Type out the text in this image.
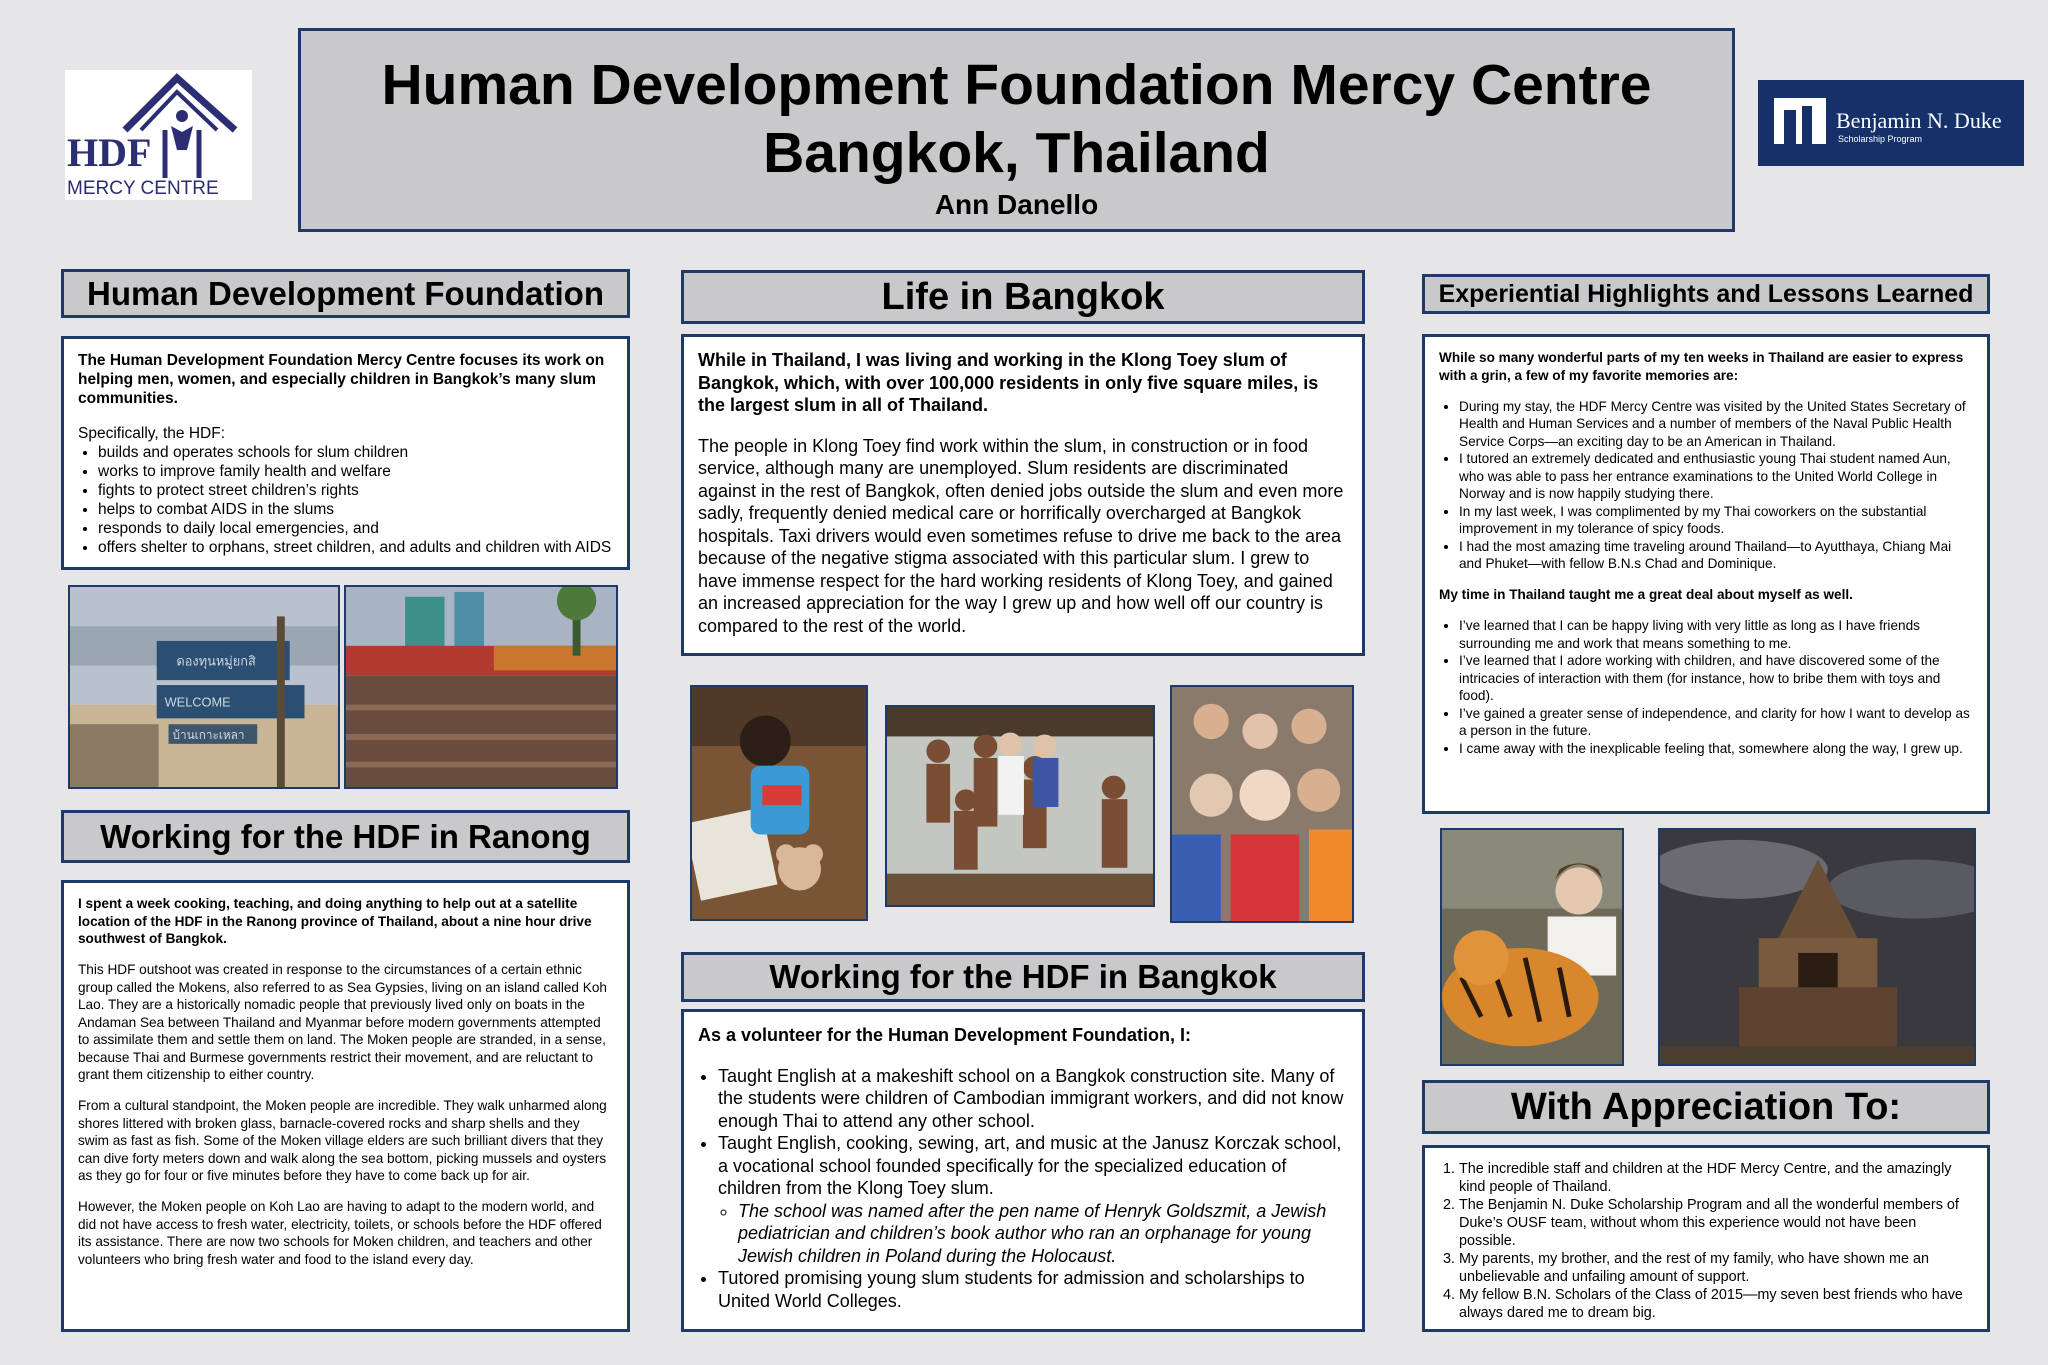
HDF
MERCY CENTRE
Benjamin N. Duke
Scholarship Program
Human Development Foundation Mercy Centre
Bangkok, Thailand
Ann Danello
Human Development Foundation

The Human Development Foundation Mercy Centre focuses its work on helping men, women, and especially children in Bangkok’s many slum communities.

Specifically, the HDF:

• builds and operates schools for slum children
• works to improve family health and welfare
• fights to protect street children’s rights
• helps to combat AIDS in the slums
• responds to daily local emergencies, and
• offers shelter to orphans, street children, and adults and children with AIDS
ดองทุนหมู่ยกสิ
WELCOME
บ้านเกาะเหลา
Working for the HDF in Ranong

I spent a week cooking, teaching, and doing anything to help out at a satellite location of the HDF in the Ranong province of Thailand, about a nine hour drive southwest of Bangkok.

This HDF outshoot was created in response to the circumstances of a certain ethnic group called the Mokens, also referred to as Sea Gypsies, living on an island called Koh Lao. They are a historically nomadic people that previously lived only on boats in the Andaman Sea between Thailand and Myanmar before modern governments attempted to assimilate them and settle them on land. The Moken people are stranded, in a sense, because Thai and Burmese governments restrict their movement, and are reluctant to grant them citizenship to either country.

From a cultural standpoint, the Moken people are incredible. They walk unharmed along shores littered with broken glass, barnacle-covered rocks and sharp shells and they swim as fast as fish. Some of the Moken village elders are such brilliant divers that they can dive forty meters down and walk along the sea bottom, picking mussels and oysters as they go for four or five minutes before they have to come back up for air.

However, the Moken people on Koh Lao are having to adapt to the modern world, and did not have access to fresh water, electricity, toilets, or schools before the HDF offered its assistance. There are now two schools for Moken children, and teachers and other volunteers who bring fresh water and food to the island every day.

Life in Bangkok

While in Thailand, I was living and working in the Klong Toey slum of Bangkok, which, with over 100,000 residents in only five square miles, is the largest slum in all of Thailand.

The people in Klong Toey find work within the slum, in construction or in food service, although many are unemployed. Slum residents are discriminated against in the rest of Bangkok, often denied jobs outside the slum and even more sadly, frequently denied medical care or horrifically overcharged at Bangkok hospitals. Taxi drivers would even sometimes refuse to drive me back to the area because of the negative stigma associated with this particular slum. I grew to have immense respect for the hard working residents of Klong Toey, and gained an increased appreciation for the way I grew up and how well off our country is compared to the rest of the world.

Working for the HDF in Bangkok

As a volunteer for the Human Development Foundation, I:

• Taught English at a makeshift school on a Bangkok construction site. Many of the students were children of Cambodian immigrant workers, and did not know enough Thai to attend any other school.
• Taught English, cooking, sewing, art, and music at the Janusz Korczak school, a vocational school founded specifically for the specialized education of children from the Klong Toey slum.
◦ The school was named after the pen name of Henryk Goldszmit, a Jewish pediatrician and children’s book author who ran an orphanage for young Jewish children in Poland during the Holocaust.
• Tutored promising young slum students for admission and scholarships to United World Colleges.
Experiential Highlights and Lessons Learned

While so many wonderful parts of my ten weeks in Thailand are easier to express with a grin, a few of my favorite memories are:

• During my stay, the HDF Mercy Centre was visited by the United States Secretary of Health and Human Services and a number of members of the Naval Public Health Service Corps—an exciting day to be an American in Thailand.
• I tutored an extremely dedicated and enthusiastic young Thai student named Aun, who was able to pass her entrance examinations to the United World College in Norway and is now happily studying there.
• In my last week, I was complimented by my Thai coworkers on the substantial improvement in my tolerance of spicy foods.
• I had the most amazing time traveling around Thailand—to Ayutthaya, Chiang Mai and Phuket—with fellow B.N.s Chad and Dominique.

My time in Thailand taught me a great deal about myself as well.

• I’ve learned that I can be happy living with very little as long as I have friends surrounding me and work that means something to me.
• I’ve learned that I adore working with children, and have discovered some of the intricacies of interaction with them (for instance, how to bribe them with toys and food).
• I’ve gained a greater sense of independence, and clarity for how I want to develop as a person in the future.
• I came away with the inexplicable feeling that, somewhere along the way, I grew up.
With Appreciation To:
1. The incredible staff and children at the HDF Mercy Centre, and the amazingly kind people of Thailand.
2. The Benjamin N. Duke Scholarship Program and all the wonderful members of Duke’s OUSF team, without whom this experience would not have been possible.
3. My parents, my brother, and the rest of my family, who have shown me an unbelievable and unfailing amount of support.
4. My fellow B.N. Scholars of the Class of 2015—my seven best friends who have always dared me to dream big.
